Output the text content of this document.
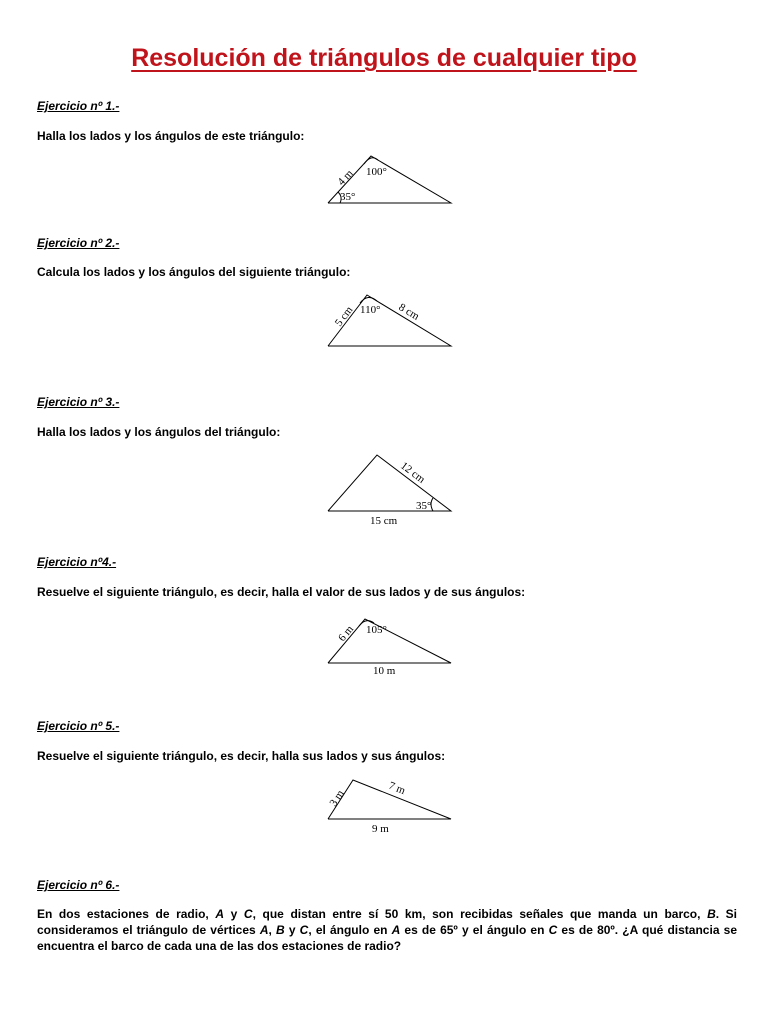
Resolución de triángulos de cualquier tipo

Ejercicio nº 1.-

Halla los lados y los ángulos de este triángulo:

4 m 100°
35°

Ejercicio nº 2.-

Calcula los lados y los ángulos del siguiente triángulo:

5 cm 110° 8 cm

Ejercicio nº 3.-

Halla los lados y los ángulos del triángulo:

12 cm
35°
15 cm

Ejercicio nº4.-

Resuelve el siguiente triángulo, es decir, halla el valor de sus lados y de sus ángulos:

6 m 105°
10 m

Ejercicio nº 5.-

Resuelve el siguiente triángulo, es decir, halla sus lados y sus ángulos:

3 m	7 m
9 m

Ejercicio nº 6.-

En dos estaciones de radio, A y C, que distan entre sí 50 km, son recibidas señales que manda un barco, B. Si consideramos el triángulo de vértices A, B y C, el ángulo en A es de 65º y el ángulo en C es de 80º. ¿A qué distancia se encuentra el barco de cada una de las dos estaciones de radio?
